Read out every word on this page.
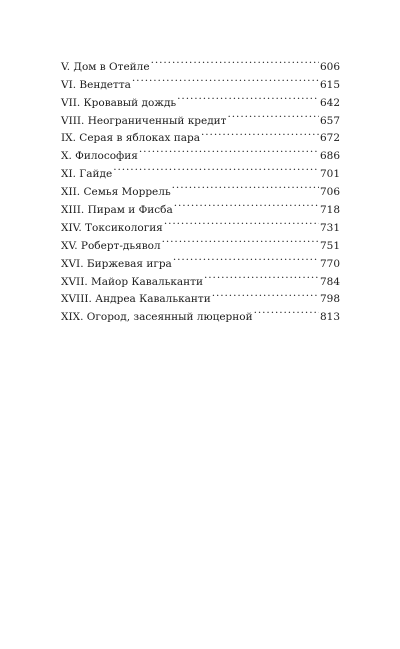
V. Дом в Отейле . . .	606
VI. Вендетта . . .	615
VII. Кровавый дождь . . .	642
VIII. Неограниченный кредит . . .	657
IX. Серая в яблоках пара . . .	672
X. Философия . . .	686
XI. Гайде . . .	701
XII. Семья Моррель . . .	706
XIII. Пирам и Фисба . . .	718
XIV. Токсикология . . .	731
XV. Роберт-дьявол . . .	751
XVI. Биржевая игра . . .	770
XVII. Майор Кавальканти . . .	784
XVIII. Андреа Кавальканти . . .	798
XIX. Огород, засеянный люцерной . . .	813
